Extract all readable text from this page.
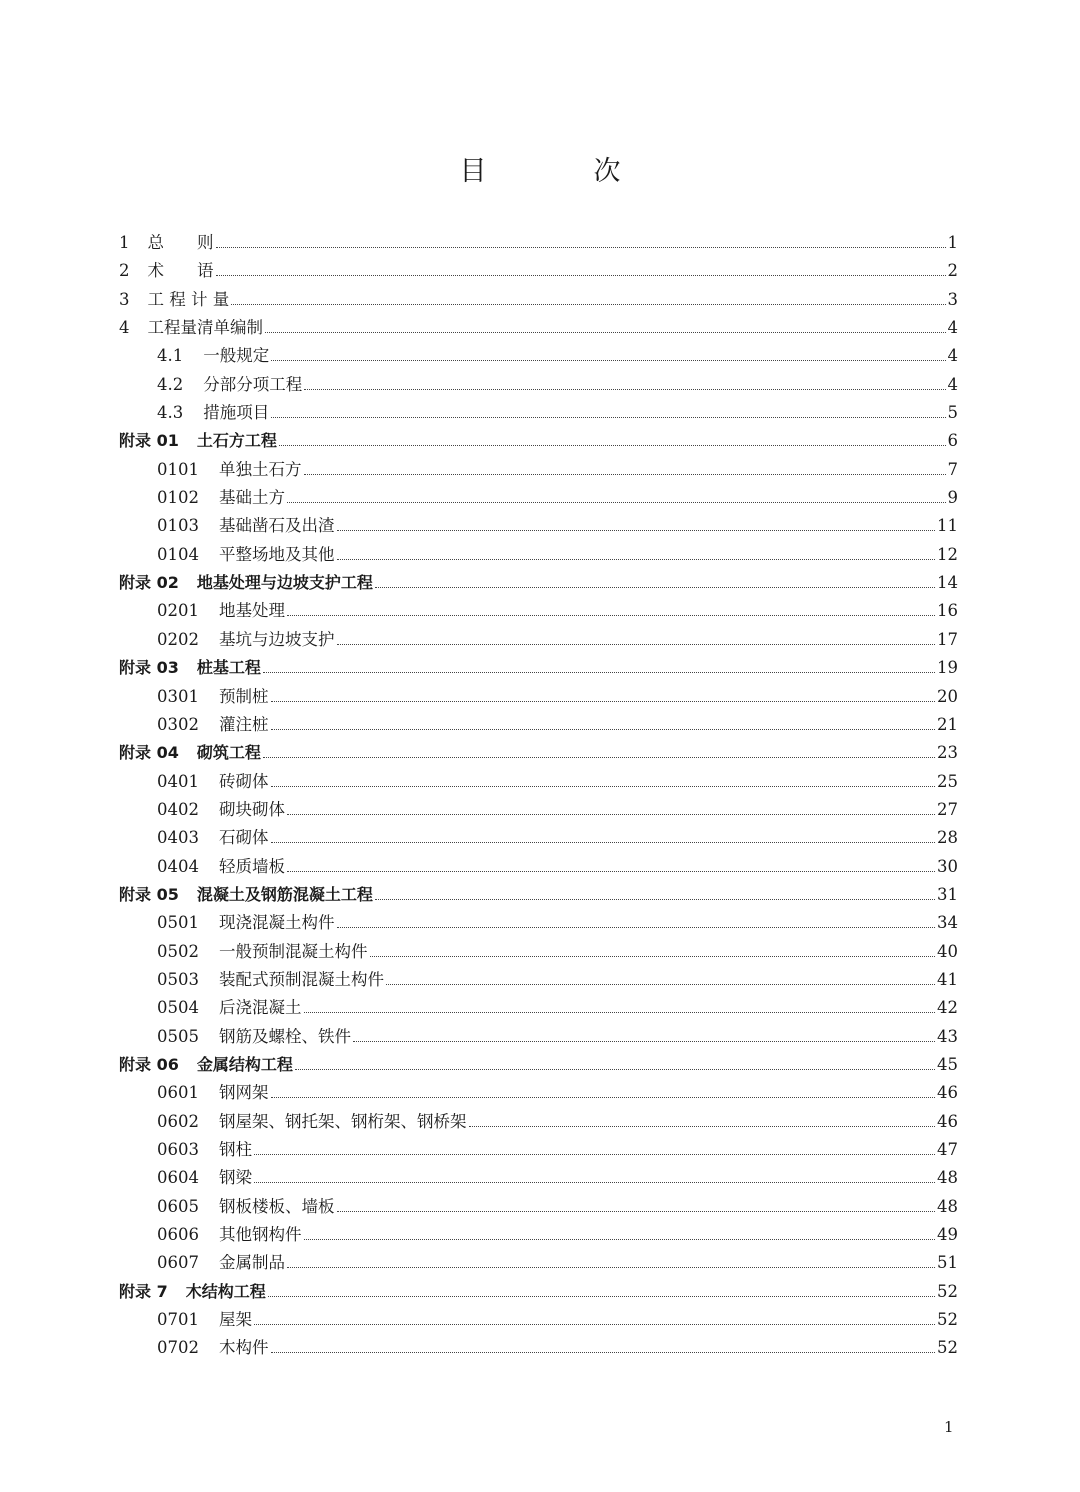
目　次
1 总　　则	1
2 术　　语	2
3 工 程 计 量	3
4 工程量清单编制	4
4.1 一般规定	4
4.2 分部分项工程	4
4.3 措施项目	5
附录 01 土石方工程	6
0101 单独土石方	7
0102 基础土方	9
0103 基础凿石及出渣	11
0104 平整场地及其他	12
附录 02 地基处理与边坡支护工程	14
0201 地基处理	16
0202 基坑与边坡支护	17
附录 03 桩基工程	19
0301 预制桩	20
0302 灌注桩	21
附录 04 砌筑工程	23
0401 砖砌体	25
0402 砌块砌体	27
0403 石砌体	28
0404 轻质墙板	30
附录 05 混凝土及钢筋混凝土工程	31
0501 现浇混凝土构件	34
0502 一般预制混凝土构件	40
0503 装配式预制混凝土构件	41
0504 后浇混凝土	42
0505 钢筋及螺栓、铁件	43
附录 06 金属结构工程	45
0601 钢网架	46
0602 钢屋架、钢托架、钢桁架、钢桥架	46
0603 钢柱	47
0604 钢梁	48
0605 钢板楼板、墙板	48
0606 其他钢构件	49
0607 金属制品	51
附录 7 木结构工程	52
0701 屋架	52
0702 木构件	52
1
